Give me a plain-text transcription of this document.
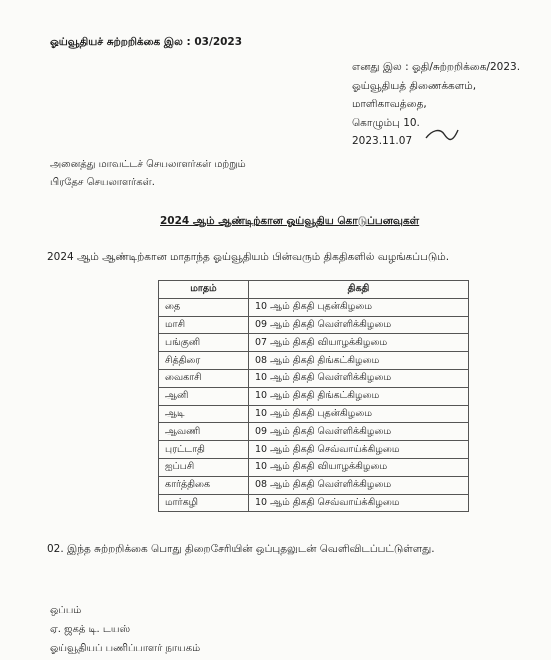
ஓய்வூதியச் சுற்றறிக்கை இல : 03/2023
எனது இல : ஓதி/சுற்றறிக்கை/2023.
ஓய்வூதியத் திணைக்களம்,
மாளிகாவத்தை,
கொழும்பு 10.
2023.11.07
அனைத்து மாவட்டச் செயலாளர்கள் மற்றும்
பிரதேச செயலாளர்கள்.
2024 ஆம் ஆண்டிற்கான ஓய்வூதிய கொடுப்பனவுகள்
2024 ஆம் ஆண்டிற்கான மாதாந்த ஓய்வூதியம் பின்வரும் திகதிகளில் வழங்கப்படும்.
மாதம்	திகதி
தை	10 ஆம் திகதி புதன்கிழமை
மாசி	09 ஆம் திகதி வெள்ளிக்கிழமை
பங்குனி	07 ஆம் திகதி வியாழக்கிழமை
சித்திரை	08 ஆம் திகதி திங்கட்கிழமை
வைகாசி	10 ஆம் திகதி வெள்ளிக்கிழமை
ஆனி	10 ஆம் திகதி திங்கட்கிழமை
ஆடி	10 ஆம் திகதி புதன்கிழமை
ஆவணி	09 ஆம் திகதி வெள்ளிக்கிழமை
புரட்டாதி	10 ஆம் திகதி செவ்வாய்க்கிழமை
ஐப்பசி	10 ஆம் திகதி வியாழக்கிழமை
கார்த்திகை	08 ஆம் திகதி வெள்ளிக்கிழமை
மார்கழி	10 ஆம் திகதி செவ்வாய்க்கிழமை
02. இந்த சுற்றறிக்கை பொது திறைசேரியின் ஒப்புதலுடன் வெளிவிடப்பட்டுள்ளது.
ஒப்பம்
ஏ. ஜகத் டி. டயஸ்
ஓய்வூதியப் பணிப்பாளர் நாயகம்
